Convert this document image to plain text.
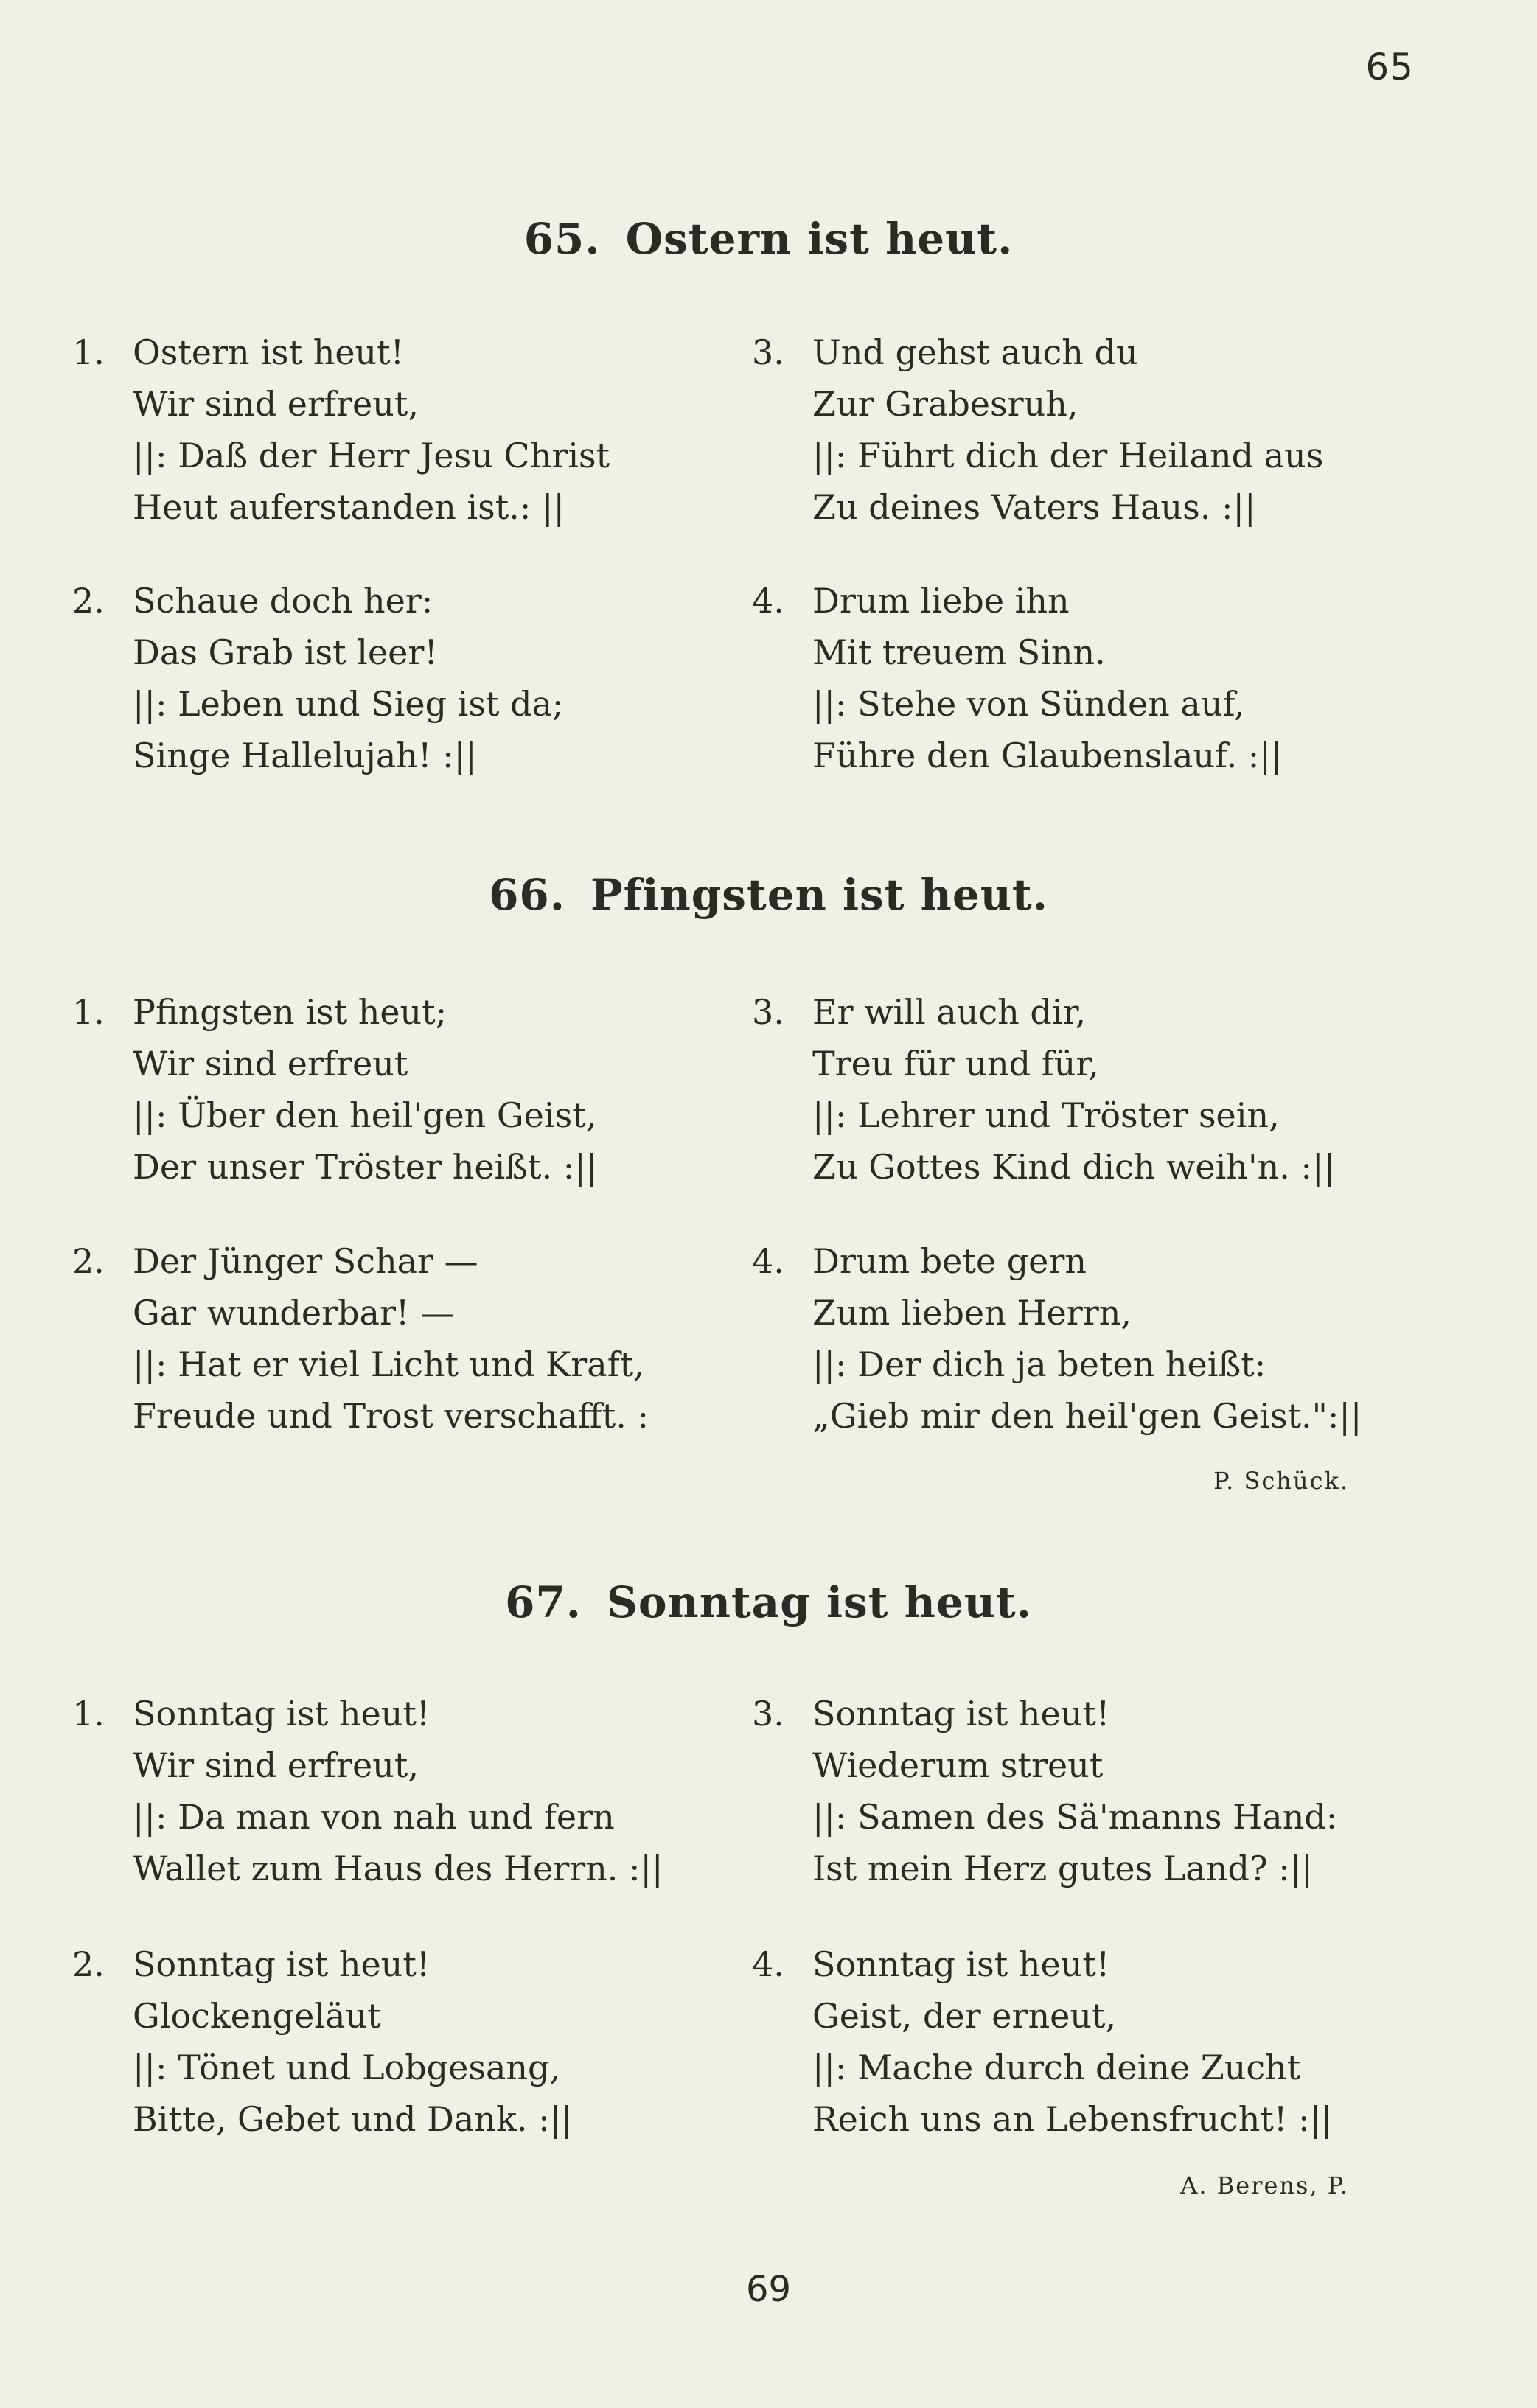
65
65. Ostern ist heut.
1. Ostern ist heut!
Wir sind erfreut,
||: Daß der Herr Jesu Christ
Heut auferstanden ist.: ||
3. Und gehst auch du
Zur Grabesruh,
||: Führt dich der Heiland aus
Zu deines Vaters Haus. :||
2. Schaue doch her:
Das Grab ist leer!
||: Leben und Sieg ist da;
Singe Hallelujah! :||
4. Drum liebe ihn
Mit treuem Sinn.
||: Stehe von Sünden auf,
Führe den Glaubenslauf. :||
66. Pfingsten ist heut.
1. Pfingsten ist heut;
Wir sind erfreut
||: Über den heil'gen Geist,
Der unser Tröster heißt. :||
3. Er will auch dir,
Treu für und für,
||: Lehrer und Tröster sein,
Zu Gottes Kind dich weih'n. :||
2. Der Jünger Schar —
Gar wunderbar! —
||: Hat er viel Licht und Kraft,
Freude und Trost verschafft. :
4. Drum bete gern
Zum lieben Herrn,
||: Der dich ja beten heißt:
„Gieb mir den heil'gen Geist.":||
P. Schück.
67. Sonntag ist heut.
1. Sonntag ist heut!
Wir sind erfreut,
||: Da man von nah und fern
Wallet zum Haus des Herrn. :||
3. Sonntag ist heut!
Wiederum streut
||: Samen des Sä'manns Hand:
Ist mein Herz gutes Land? :||
2. Sonntag ist heut!
Glockengeläut
||: Tönet und Lobgesang,
Bitte, Gebet und Dank. :||
4. Sonntag ist heut!
Geist, der erneut,
||: Mache durch deine Zucht
Reich uns an Lebensfrucht! :||
A. Berens, P.
69
